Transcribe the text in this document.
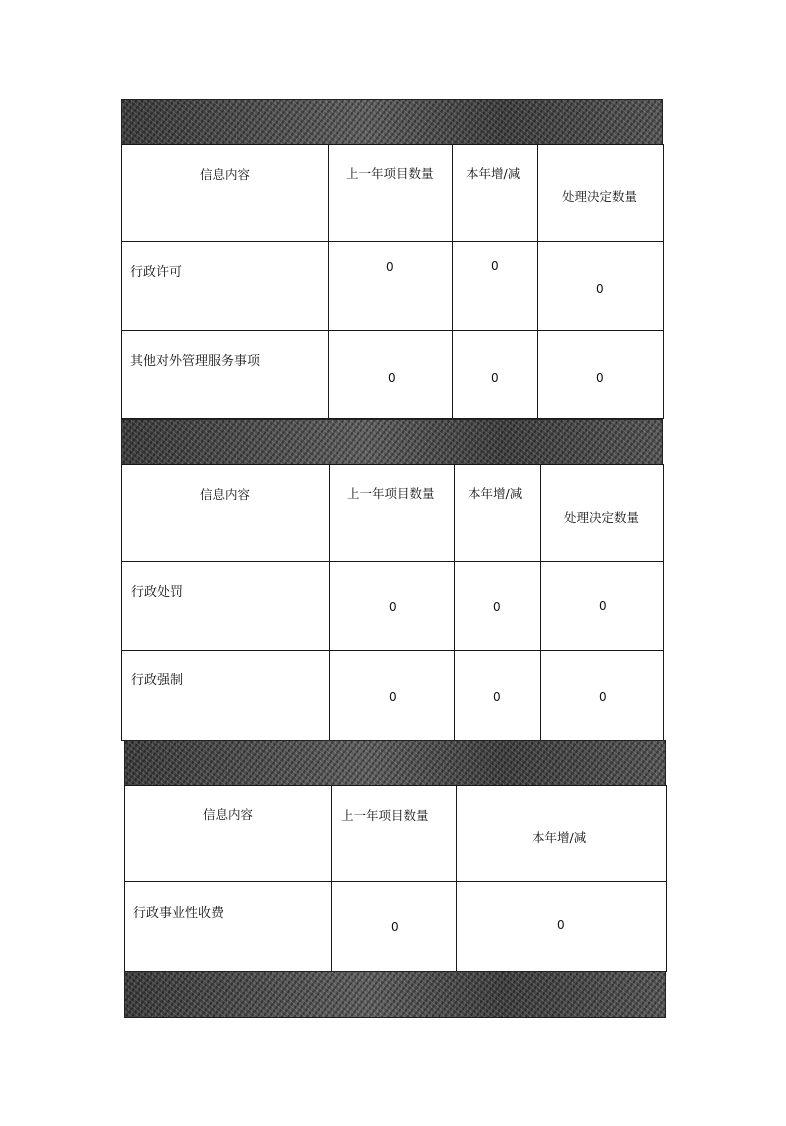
信息内容	上一年项目数量	本年增/减	处理决定数量

行政许可	0	0	0

其他对外管理服务事项	0	0	0
信息内容	上一年项目数量	本年增/减	处理决定数量

行政处罚	0	0	0

行政强制	0	0	0
信息内容	上一年项目数量	本年增/减

行政事业性收费	0	0
